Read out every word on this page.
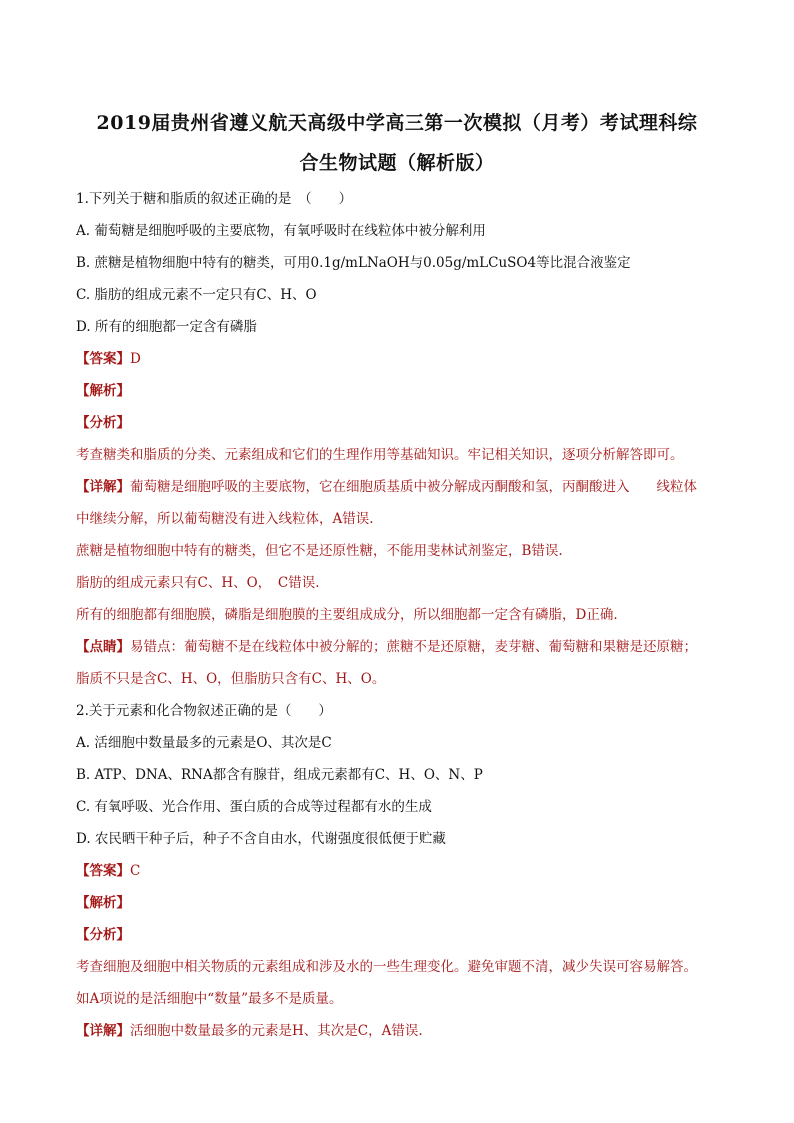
2019届贵州省遵义航天高级中学高三第一次模拟（月考）考试理科综
合生物试题（解析版）
1.下列关于糖和脂质的叙述正确的是　（　　）
A. 葡萄糖是细胞呼吸的主要底物，有氧呼吸时在线粒体中被分解利用
B. 蔗糖是植物细胞中特有的糖类，可用0.1g/mLNaOH与0.05g/mLCuSO4等比混合液鉴定
C. 脂肪的组成元素不一定只有C、H、O
D. 所有的细胞都一定含有磷脂
【答案】D
【解析】
【分析】
考查糖类和脂质的分类、元素组成和它们的生理作用等基础知识。牢记相关知识，逐项分析解答即可。
【详解】葡萄糖是细胞呼吸的主要底物，它在细胞质基质中被分解成丙酮酸和氢，丙酮酸进入　　线粒体
中继续分解，所以葡萄糖没有进入线粒体，A错误.
蔗糖是植物细胞中特有的糖类，但它不是还原性糖，不能用斐林试剂鉴定，B错误.
脂肪的组成元素只有C、H、O，　C错误.
所有的细胞都有细胞膜，磷脂是细胞膜的主要组成成分，所以细胞都一定含有磷脂，D正确.
【点睛】易错点：葡萄糖不是在线粒体中被分解的；蔗糖不是还原糖，麦芽糖、葡萄糖和果糖是还原糖；
脂质不只是含C、H、O，但脂肪只含有C、H、O。
2.关于元素和化合物叙述正确的是（　　）
A. 活细胞中数量最多的元素是O、其次是C
B. ATP、DNA、RNA都含有腺苷，组成元素都有C、H、O、N、P
C. 有氧呼吸、光合作用、蛋白质的合成等过程都有水的生成
D. 农民晒干种子后，种子不含自由水，代谢强度很低便于贮藏
【答案】C
【解析】
【分析】
考查细胞及细胞中相关物质的元素组成和涉及水的一些生理变化。避免审题不清，减少失误可容易解答。
如A项说的是活细胞中“数量”最多不是质量。
【详解】活细胞中数量最多的元素是H、其次是C，A错误.
